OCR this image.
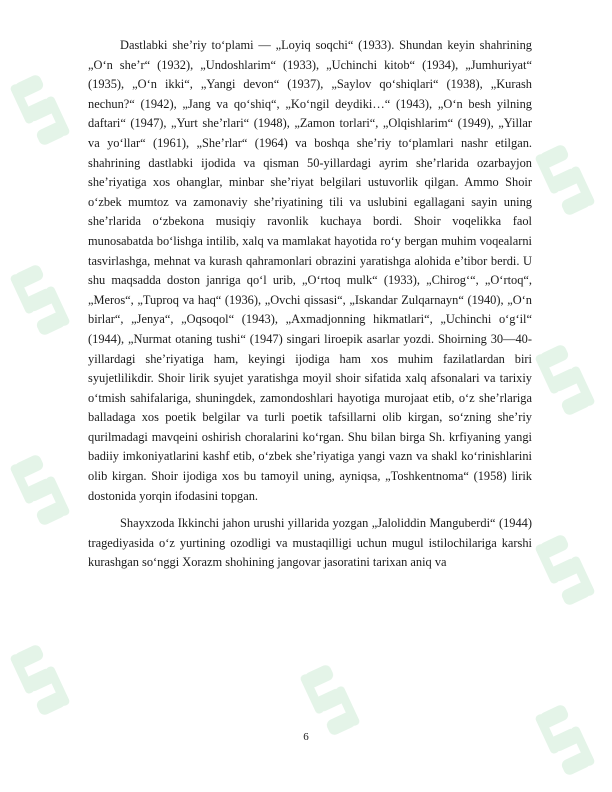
Dastlabki she’riy to‘plami — „Loyiq soqchi“ (1933). Shundan keyin shahrining „O‘n she’r“ (1932), „Undoshlarim“ (1933), „Uchinchi kitob“ (1934), „Jumhuriyat“ (1935), „O‘n ikki“, „Yangi devon“ (1937), „Saylov qo‘shiqlari“ (1938), „Kurash nechun?“ (1942), „Jang va qo‘shiq“, „Ko‘ngil deydiki…“ (1943), „O‘n besh yilning daftari“ (1947), „Yurt she’rlari“ (1948), „Zamon torlari“, „Olqishlarim“ (1949), „Yillar va yo‘llar“ (1961), „She’rlar“ (1964) va boshqa she’riy to‘plamlari nashr etilgan. shahrining dastlabki ijodida va qisman 50-yillardagi ayrim she’rlarida ozarbayjon she’riyatiga xos ohanglar, minbar she’riyat belgilari ustuvorlik qilgan. Ammo Shoir o‘zbek mumtoz va zamonaviy she’riyatining tili va uslubini egallagani sayin uning she’rlarida o‘zbekona musiqiy ravonlik kuchaya bordi. Shoir voqelikka faol munosabatda bo‘lishga intilib, xalq va mamlakat hayotida ro‘y bergan muhim voqealarni tasvirlashga, mehnat va kurash qahramonlari obrazini yaratishga alohida e’tibor berdi. U shu maqsadda doston janriga qo‘l urib, „O‘rtoq mulk“ (1933), „Chirog‘“, „O‘rtoq“, „Meros“, „Tuproq va haq“ (1936), „Ovchi qissasi“, „Iskandar Zulqarnayn“ (1940), „O‘n birlar“, „Jenya“, „Oqsoqol“ (1943), „Axmadjonning hikmatlari“, „Uchinchi o‘g‘il“ (1944), „Nurmat otaning tushi“ (1947) singari liroepik asarlar yozdi. Shoirning 30—40-yillardagi she’riyatiga ham, keyingi ijodiga ham xos muhim fazilatlardan biri syujetlilikdir. Shoir lirik syujet yaratishga moyil shoir sifatida xalq afsonalari va tarixiy o‘tmish sahifalariga, shuningdek, zamondoshlari hayotiga murojaat etib, o‘z she’rlariga balladaga xos poetik belgilar va turli poetik tafsillarni olib kirgan, so‘zning she’riy qurilmadagi mavqeini oshirish choralarini ko‘rgan. Shu bilan birga Sh. krfiyaning yangi badiiy imkoniyatlarini kashf etib, o‘zbek she’riyatiga yangi vazn va shakl ko‘rinishlarini olib kirgan. Shoir ijodiga xos bu tamoyil uning, ayniqsa, „Toshkentnoma“ (1958) lirik dostonida yorqin ifodasini topgan.

Shayxzoda Ikkinchi jahon urushi yillarida yozgan „Jaloliddin Manguberdi“ (1944) tragediyasida o‘z yurtining ozodligi va mustaqilligi uchun mugul istilochilariga karshi kurashgan so‘nggi Xorazm shohining jangovar jasoratini tarixan aniq va

6
